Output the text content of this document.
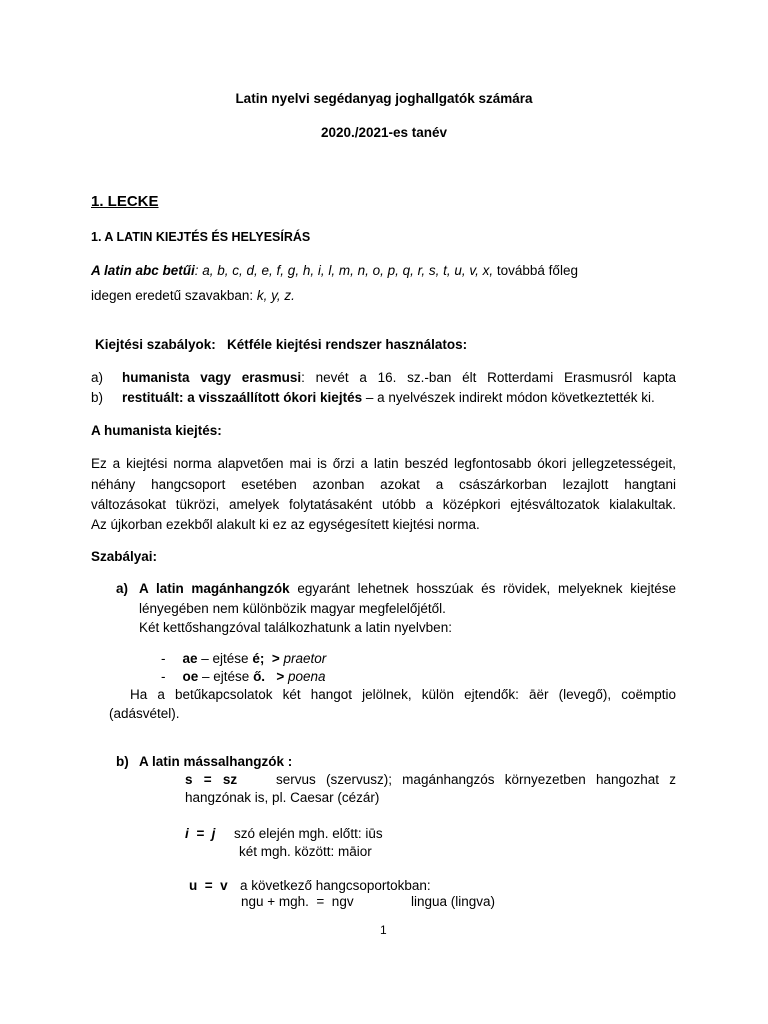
Latin nyelvi segédanyag joghallgatók számára
2020./2021-es tanév
1. LECKE
1. A LATIN KIEJTÉS ÉS HELYESÍRÁS
A latin abc betűi: a, b, c, d, e, f, g, h, i, l, m, n, o, p, q, r, s, t, u, v, x, továbbá főleg
idegen eredetű szavakban: k, y, z.
Kiejtési szabályok:   Kétféle kiejtési rendszer használatos:
a) humanista vagy erasmusi: nevét a 16. sz.-ban élt Rotterdami Erasmusról kapta
b) restituált: a visszaállított ókori kiejtés – a nyelvészek indirekt módon következtették ki.
A humanista kiejtés:
Ez a kiejtési norma alapvetően mai is őrzi a latin beszéd legfontosabb ókori jellegzetességeit,
néhány hangcsoport esetében azonban azokat a császárkorban lezajlott hangtani
változásokat tükrözi, amelyek folytatásaként utóbb a középkori ejtésváltozatok kialakultak.
Az újkorban ezekből alakult ki ez az egységesített kiejtési norma.
Szabályai:
a) A latin magánhangzók egyaránt lehetnek hosszúak és rövidek, melyeknek kiejtése
lényegében nem különbözik magyar megfelelőjétől.
Két kettőshangzóval találkozhatunk a latin nyelvben:
- ae – ejtése é;  > praetor
- oe – ejtése ő.   > poena
Ha a betűkapcsolatok két hangot jelölnek, külön ejtendők: āër (levegő), coëmptio
(adásvétel).
b) A latin mássalhangzók :
s   =   sz	servus (szervusz); magánhangzós környezetben hangozhat z
hangzónak is, pl. Caesar (cézár)
i  =  j szó elején mgh. előtt: iūs
két mgh. között: māior
u  =  v a következő hangcsoportokban:
ngu + mgh.  =  ngv	lingua (lingva)
1
